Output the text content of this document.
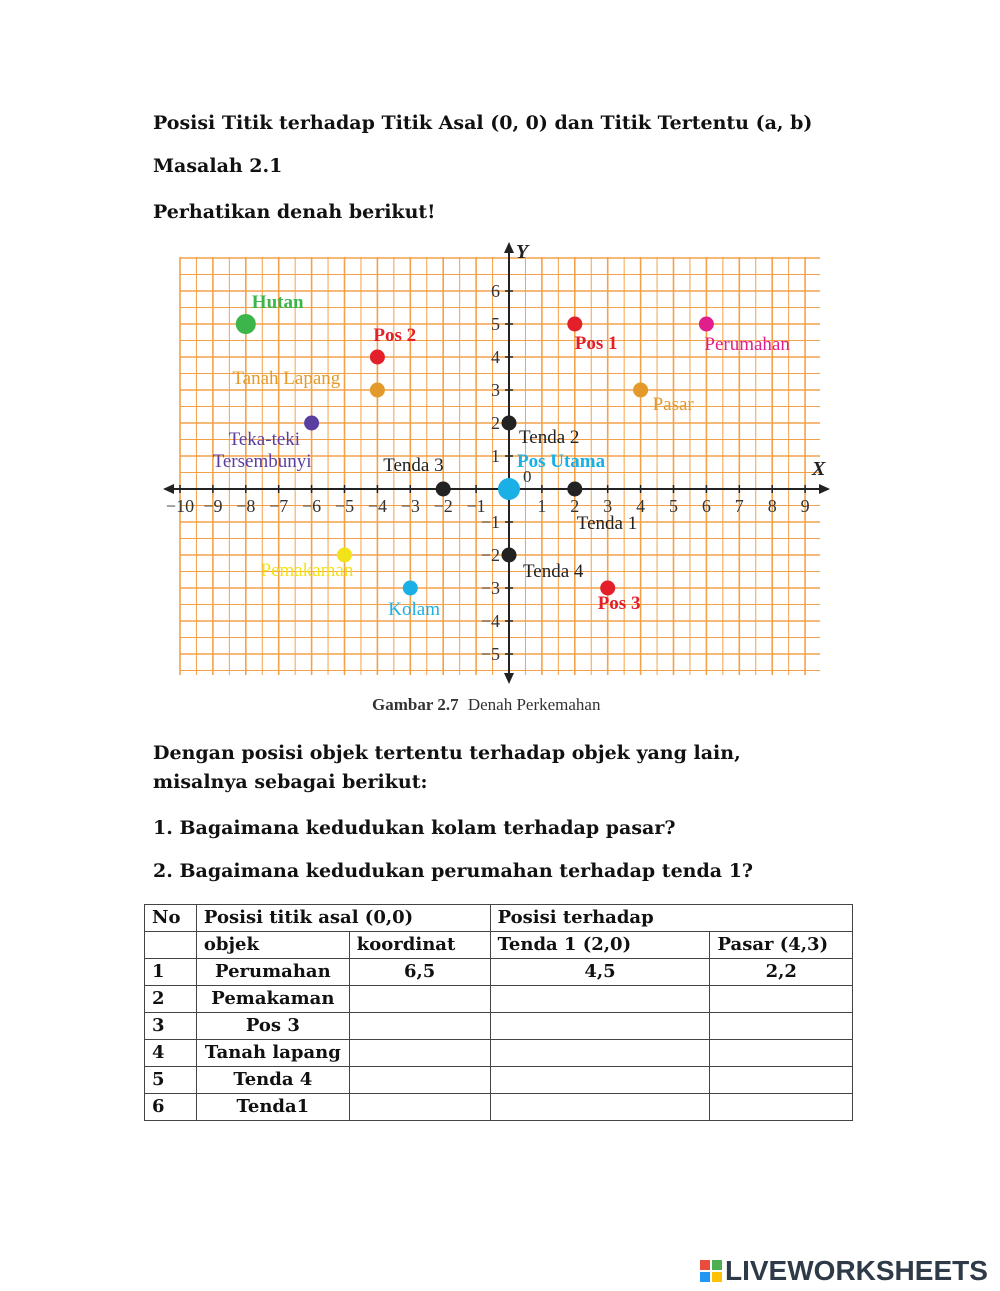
Posisi Titik terhadap Titik Asal (0, 0) dan Titik Tertentu (a, b)
Masalah 2.1
Perhatikan denah berikut!
X
Y
−10 −9 −8 −7 −6 −5 −4 −3 −2 −1	1 2 3 4 5 6 7 8 9
−5
−4
−3
−2
−1
1
2
3
4
5
6
0
Hutan
Pos 2
Tanah Lapang
Teka-teki Tersembunyi	Tenda 3
Pos 1	Perumahan
Pasar
Tenda 2
Pos Utama
Tenda 1
Pemakaman	Tenda 4
Kolam	Pos 3
Gambar 2.7 Denah Perkemahan
Dengan posisi objek tertentu terhadap objek yang lain,
misalnya sebagai berikut:
1. Bagaimana kedudukan kolam terhadap pasar?
2. Bagaimana kedudukan perumahan terhadap tenda 1?
No	Posisi titik asal (0,0)		Posisi terhadap	
	objek	koordinat	Tenda 1 (2,0)	Pasar (4,3)
1	Perumahan	6,5	4,5	2,2
2	Pemakaman			
3	Pos 3			
4	Tanah lapang			
5	Tenda 4			
6	Tenda1			
LIVEWORKSHEETS
